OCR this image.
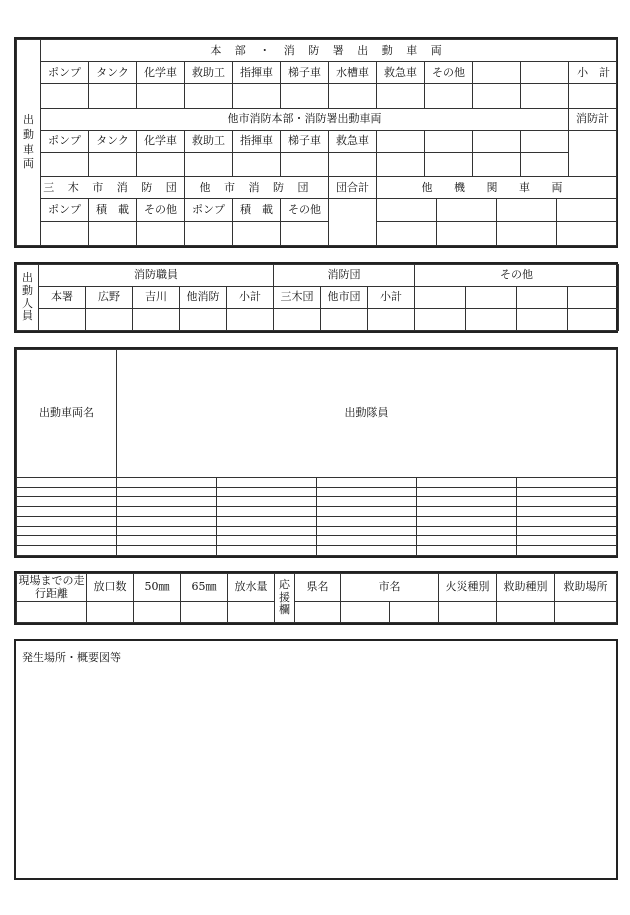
出動車両	本 部 ・ 消 防 署 出 動 車 両
ポンプ	タンク	化学車	救助工	指揮車	梯子車	水槽車	救急車	その他			小　計

他市消防本部・消防署出動車両	消防計
ポンプ	タンク	化学車	救助工	指揮車	梯子車	救急車					

三 木 市 消 防 団	他 市 消 防 団	団合計	他 機 関 車 両
ポンプ	積　載	その他	ポンプ	積　載	その他		

出動人員	消防職員					消防団			その他			
	本署	広野	吉川	他消防	小計	三木団	他市団	小計				

出動車両名	出動隊員				

現場までの走行距離	放口数	50㎜	65㎜	放水量	応援欄	県名	市名		火災種別	救助種別	救助場所

発生場所・概要図等
